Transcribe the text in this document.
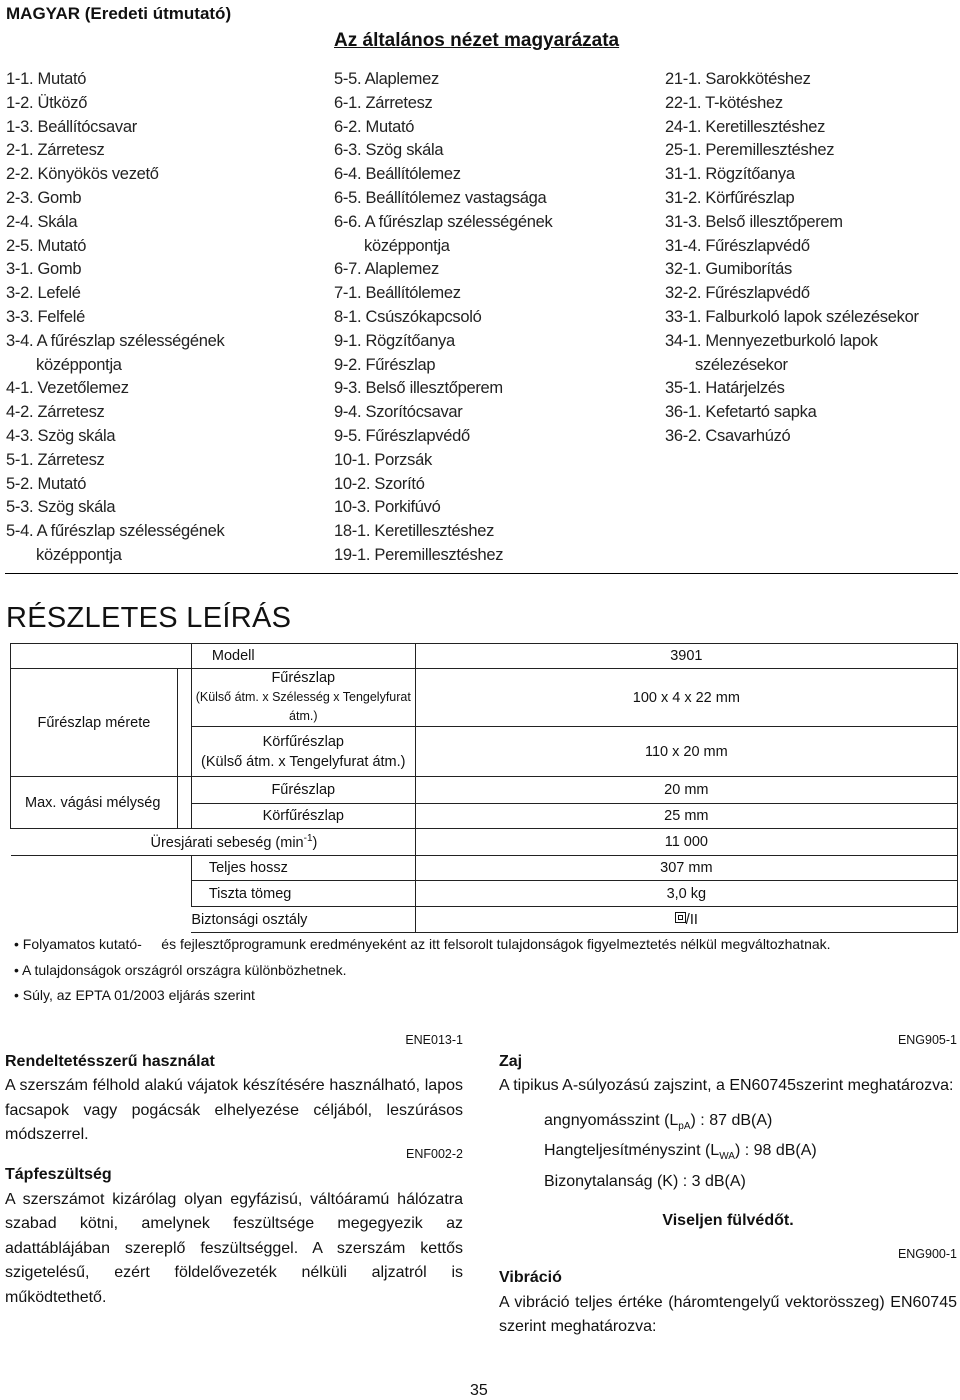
MAGYAR (Eredeti útmutató)
Az általános nézet magyarázata
1-1. Mutató
1-2. Ütköző
1-3. Beállítócsavar
2-1. Zárretesz
2-2. Könyökös vezető
2-3. Gomb
2-4. Skála
2-5. Mutató
3-1. Gomb
3-2. Lefelé
3-3. Felfelé
3-4. A fűrészlap szélességének
középpontja
4-1. Vezetőlemez
4-2. Zárretesz
4-3. Szög skála
5-1. Zárretesz
5-2. Mutató
5-3. Szög skála
5-4. A fűrészlap szélességének
középpontja
5-5. Alaplemez
6-1. Zárretesz
6-2. Mutató
6-3. Szög skála
6-4. Beállítólemez
6-5. Beállítólemez vastagsága
6-6. A fűrészlap szélességének
középpontja
6-7. Alaplemez
7-1. Beállítólemez
8-1. Csúszókapcsoló
9-1. Rögzítőanya
9-2. Fűrészlap
9-3. Belső illesztőperem
9-4. Szorítócsavar
9-5. Fűrészlapvédő
10-1. Porzsák
10-2. Szorító
10-3. Porkifúvó
18-1. Keretillesztéshez
19-1. Peremillesztéshez
21-1. Sarokkötéshez
22-1. T-kötéshez
24-1. Keretillesztéshez
25-1. Peremillesztéshez
31-1. Rögzítőanya
31-2. Körfűrészlap
31-3. Belső illesztőperem
31-4. Fűrészlapvédő
32-1. Gumiborítás
32-2. Fűrészlapvédő
33-1. Falburkoló lapok szélezésekor
34-1. Mennyezetburkoló lapok
szélezésekor
35-1. Határjelzés
36-1. Kefetartó sapka
36-2. Csavarhúzó
RÉSZLETES LEÍRÁS
		Modell	3901
Fűrészlap mérete		Fűrészlap
(Külső átm. x Szélesség x Tengelyfurat átm.)	100 x 4 x 22 mm

		Körfűrészlap
(Külső átm. x Tengelyfurat átm.)	110 x 20 mm
Max. vágási mélység		Fűrészlap	20 mm
		Körfűrészlap	25 mm
Üresjárati sebeség $(\min^{-1})$			11 000
		Teljes hossz	307 mm
		Tiszta tömeg	3,0 kg
		Biztonsági osztály	/II
• Folyamatos kutató-     és fejlesztőprogramunk eredményeként az itt felsorolt tulajdonságok figyelmeztetés nélkül megváltozhatnak.
• A tulajdonságok országról országra különbözhetnek.
• Súly, az EPTA 01/2003 eljárás szerint
ENE013-1
Rendeltetésszerű használat

A szerszám félhold alakú vájatok készítésére használható, lapos facsapok vagy pogácsák elhelyezése céljából, leszúrásos módszerrel.

ENF002-2
Tápfeszültség

A szerszámot kizárólag olyan egyfázisú, váltóáramú hálózatra szabad kötni, amelynek feszültsége megegyezik az adattáblájában szereplő feszültséggel. A szerszám kettős szigetelésű, ezért földelővezeték nélküli aljzatról is működtethető.

ENG905-1
Zaj

A tipikus A-súlyozású zajszint, a EN60745szerint meghatározva:

angnyomásszint $(L_{pA})$ : 87 dB(A)
Hangteljesítményszint $(L_{WA})$ : 98 dB(A)
Bizonytalanság (K) : 3 dB(A)
Viseljen fülvédőt.
ENG900-1
Vibráció

A vibráció teljes értéke (háromtengelyű vektorösszeg) EN60745 szerint meghatározva:

35
